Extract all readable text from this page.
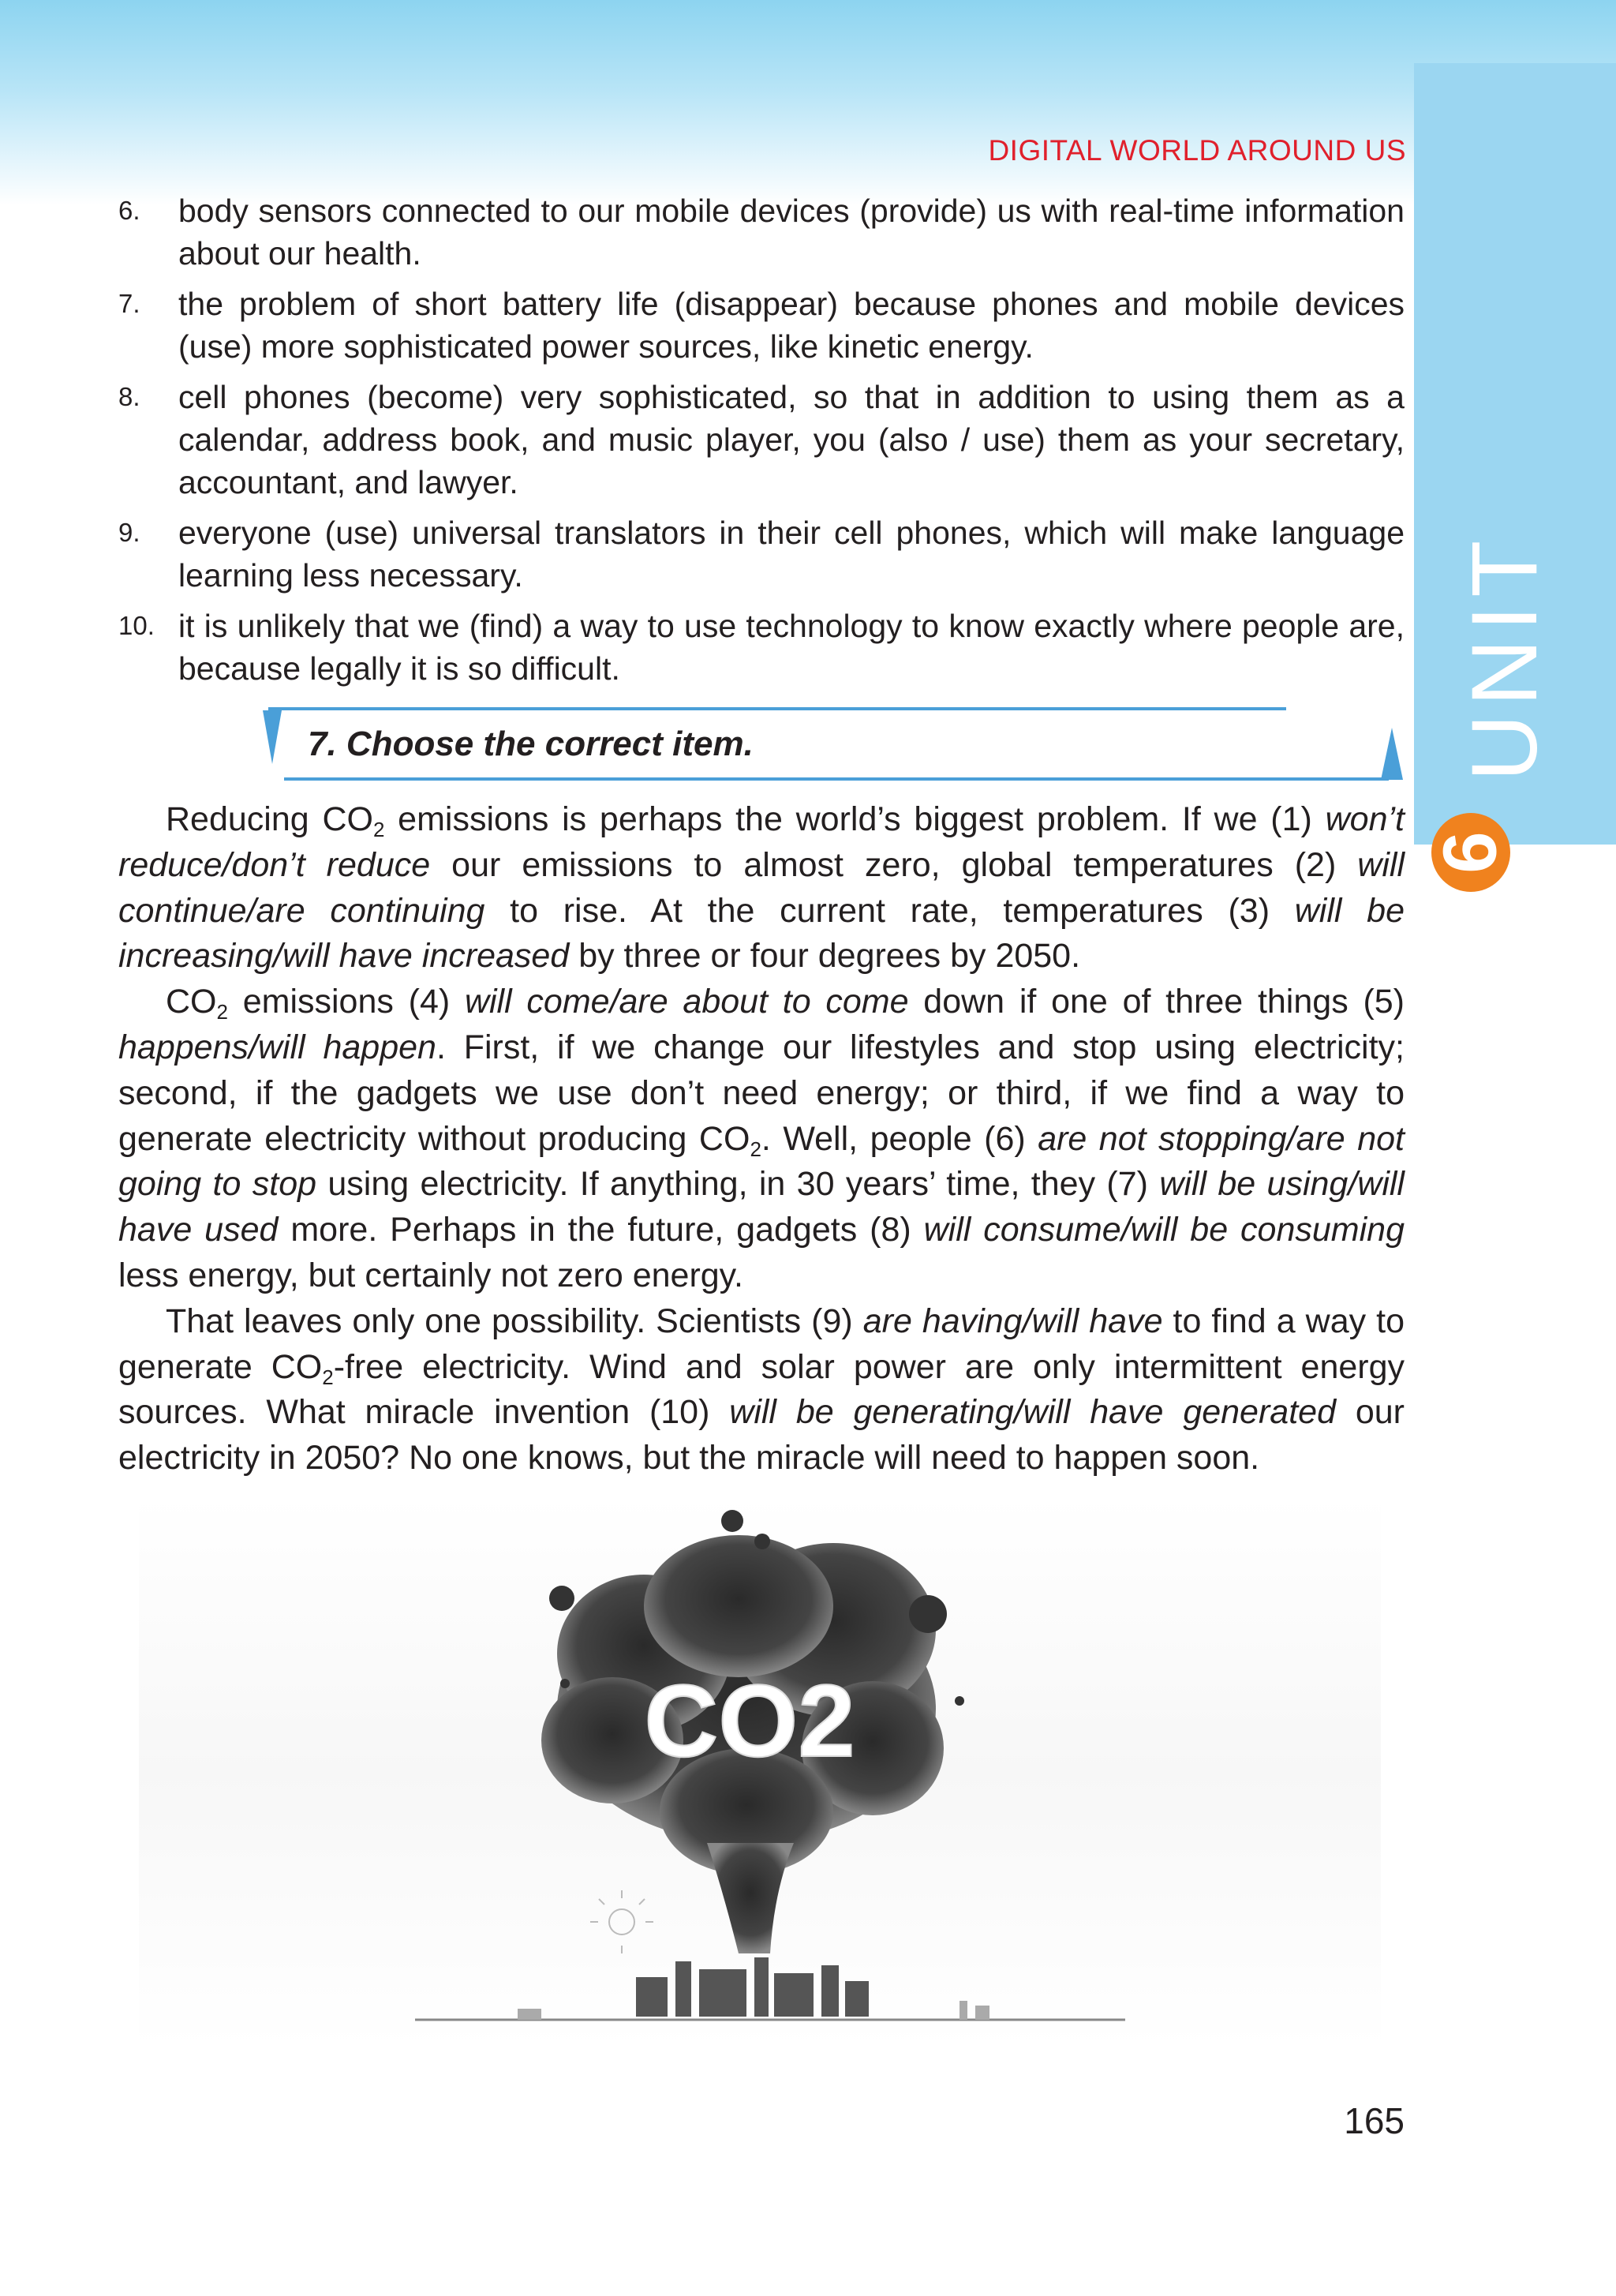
UNIT
6
DIGITAL WORLD AROUND US
6. body sensors connected to our mobile devices (provide) us with real-time information about our health.
7. the problem of short battery life (disappear) because phones and mobile devices (use) more sophisticated power sources, like kinetic energy.
8. cell phones (become) very sophisticated, so that in addition to using them as a calendar, address book, and music player, you (also / use) them as your secretary, accountant, and lawyer.
9. everyone (use) universal translators in their cell phones, which will make language learning less necessary.
10. it is unlikely that we (find) a way to use technology to know exactly where people are, because legally it is so difficult.
7. Choose the correct item.

Reducing $CO_2$ emissions is perhaps the world’s biggest problem. If we (1) won’t reduce/don’t reduce our emissions to almost zero, global temperatures (2) will continue/are continuing to rise. At the current rate, temperatures (3) will be increasing/will have increased by three or four degrees by 2050.

$CO_2$ emissions (4) will come/are about to come down if one of three things (5) happens/will happen. First, if we change our lifestyles and stop using electricity; second, if the gadgets we use don’t need energy; or third, if we find a way to generate electricity without producing $CO_2$. Well, people (6) are not stopping/are not going to stop using electricity. If anything, in 30 years’ time, they (7) will be using/will have used more. Perhaps in the future, gadgets (8) will consume/will be consuming less energy, but certainly not zero energy.

That leaves only one possibility. Scientists (9) are having/will have to find a way to generate $CO_2$-free electricity. Wind and solar power are only intermittent energy sources. What miracle invention (10) will be generating/will have generated our electricity in 2050? No one knows, but the miracle will need to happen soon.

CO2
165
